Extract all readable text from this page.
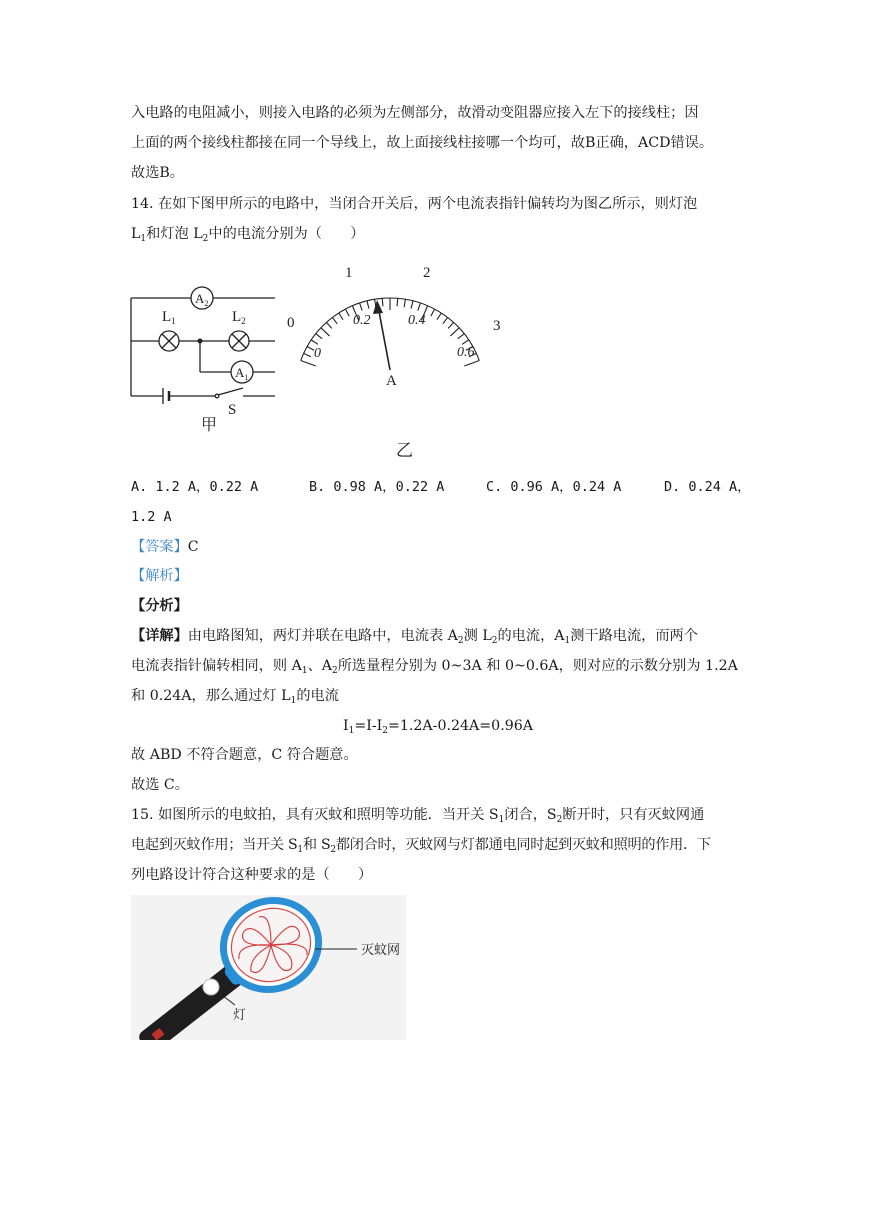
入电路的电阻减小，则接入电路的必须为左侧部分，故滑动变阻器应接入左下的接线柱；因
上面的两个接线柱都接在同一个导线上，故上面接线柱接哪一个均可，故B正确，ACD错误。
故选B。
14. 在如下图甲所示的电路中，当闭合开关后，两个电流表指针偏转均为图乙所示，则灯泡
$L_1$和灯泡 $L_2$中的电流分别为（　　）
$A_2$
$L_1$	$L_2$
$A_1$
S
甲
0
1	2
3
0
0.2	0.4
0.6
A
乙
A. 1.2 A，0.22 A	B. 0.98 A，0.22 A	C. 0.96 A，0.24 A	D. 0.24 A，
1.2 A
【答案】C
【解析】
【分析】
【详解】由电路图知，两灯并联在电路中，电流表 $A_2$测 $L_2$的电流，$A_1$测干路电流，而两个
电流表指针偏转相同，则 $A_1$、$A_2$所选量程分别为 0~3A 和 0~0.6A，则对应的示数分别为 1.2A
和 0.24A，那么通过灯 $L_1$的电流
$I_1=I-I_2=1.2A-0.24A=0.96A$
故 ABD 不符合题意，C 符合题意。
故选 C。
15. 如图所示的电蚊拍，具有灭蚊和照明等功能．当开关 $S_1$闭合，$S_2$断开时，只有灭蚊网通
电起到灭蚊作用；当开关 $S_1$和 $S_2$都闭合时，灭蚊网与灯都通电同时起到灭蚊和照明的作用．下
列电路设计符合这种要求的是（　　）
灭蚊网
灯
